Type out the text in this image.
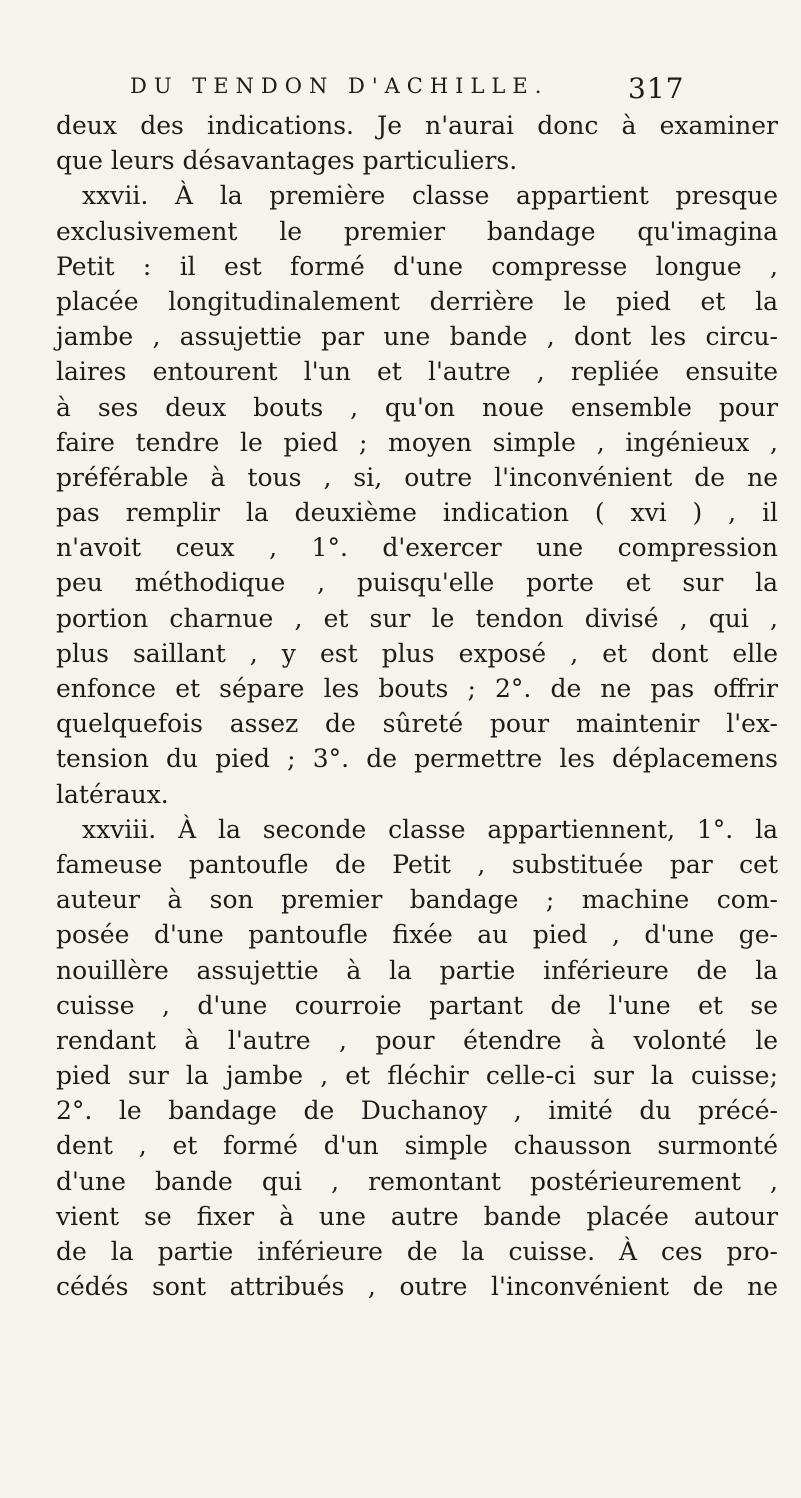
DU TENDON D'ACHILLE.	317
deux des indications. Je n'aurai donc à examiner
que leurs désavantages particuliers.
xxvii. À la première classe appartient presque
exclusivement le premier bandage qu'imagina
Petit : il est formé d'une compresse longue ,
placée longitudinalement derrière le pied et la
jambe , assujettie par une bande , dont les circu-
laires entourent l'un et l'autre , repliée ensuite
à ses deux bouts , qu'on noue ensemble pour
faire tendre le pied ; moyen simple , ingénieux ,
préférable à tous , si, outre l'inconvénient de ne
pas remplir la deuxième indication ( xvi ) , il
n'avoit ceux , 1°. d'exercer une compression
peu méthodique , puisqu'elle porte et sur la
portion charnue , et sur le tendon divisé , qui ,
plus saillant , y est plus exposé , et dont elle
enfonce et sépare les bouts ; 2°. de ne pas offrir
quelquefois assez de sûreté pour maintenir l'ex-
tension du pied ; 3°. de permettre les déplacemens
latéraux.
xxviii. À la seconde classe appartiennent, 1°. la
fameuse pantoufle de Petit , substituée par cet
auteur à son premier bandage ; machine com-
posée d'une pantoufle fixée au pied , d'une ge-
nouillère assujettie à la partie inférieure de la
cuisse , d'une courroie partant de l'une et se
rendant à l'autre , pour étendre à volonté le
pied sur la jambe , et fléchir celle-ci sur la cuisse;
2°. le bandage de Duchanoy , imité du précé-
dent , et formé d'un simple chausson surmonté
d'une bande qui , remontant postérieurement ,
vient se fixer à une autre bande placée autour
de la partie inférieure de la cuisse. À ces pro-
cédés sont attribués , outre l'inconvénient de ne
